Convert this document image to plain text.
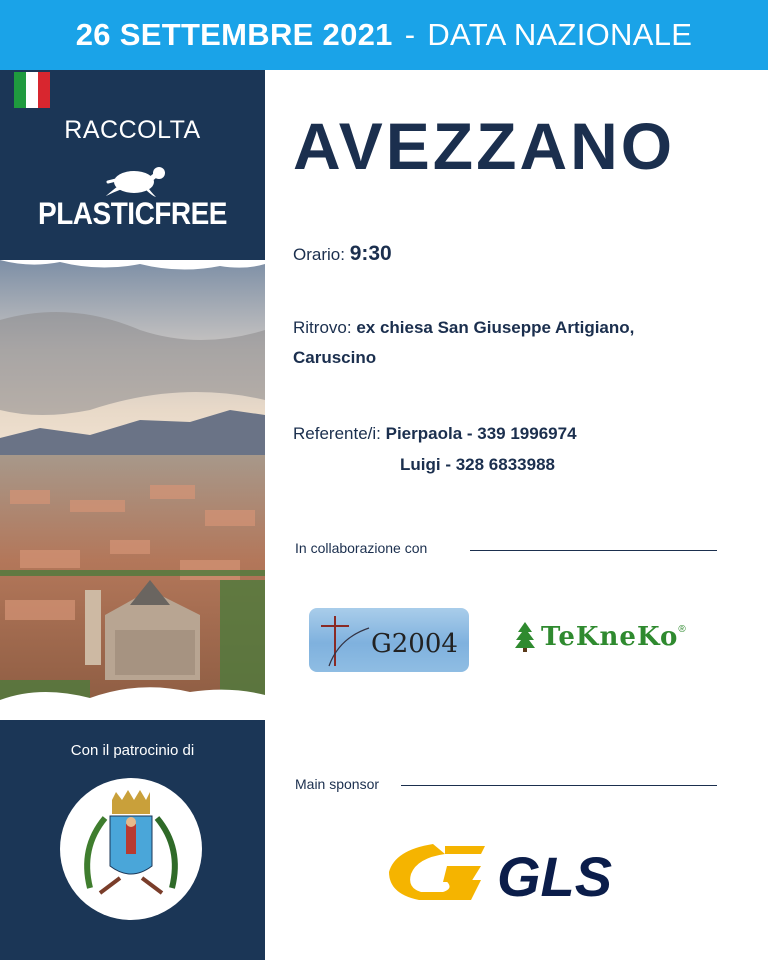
26 SETTEMBRE 2021 - DATA NAZIONALE
RACCOLTA
PLASTICFREE
Con il patrocinio di
AVEZZANO
Orario: 9:30
Ritrovo: ex chiesa San Giuseppe Artigiano,
Caruscino
Referente/i: Pierpaola - 339 1996974
Luigi - 328 6833988
In collaborazione con
G2004	TeKneKo ®
Main sponsor
GLS
